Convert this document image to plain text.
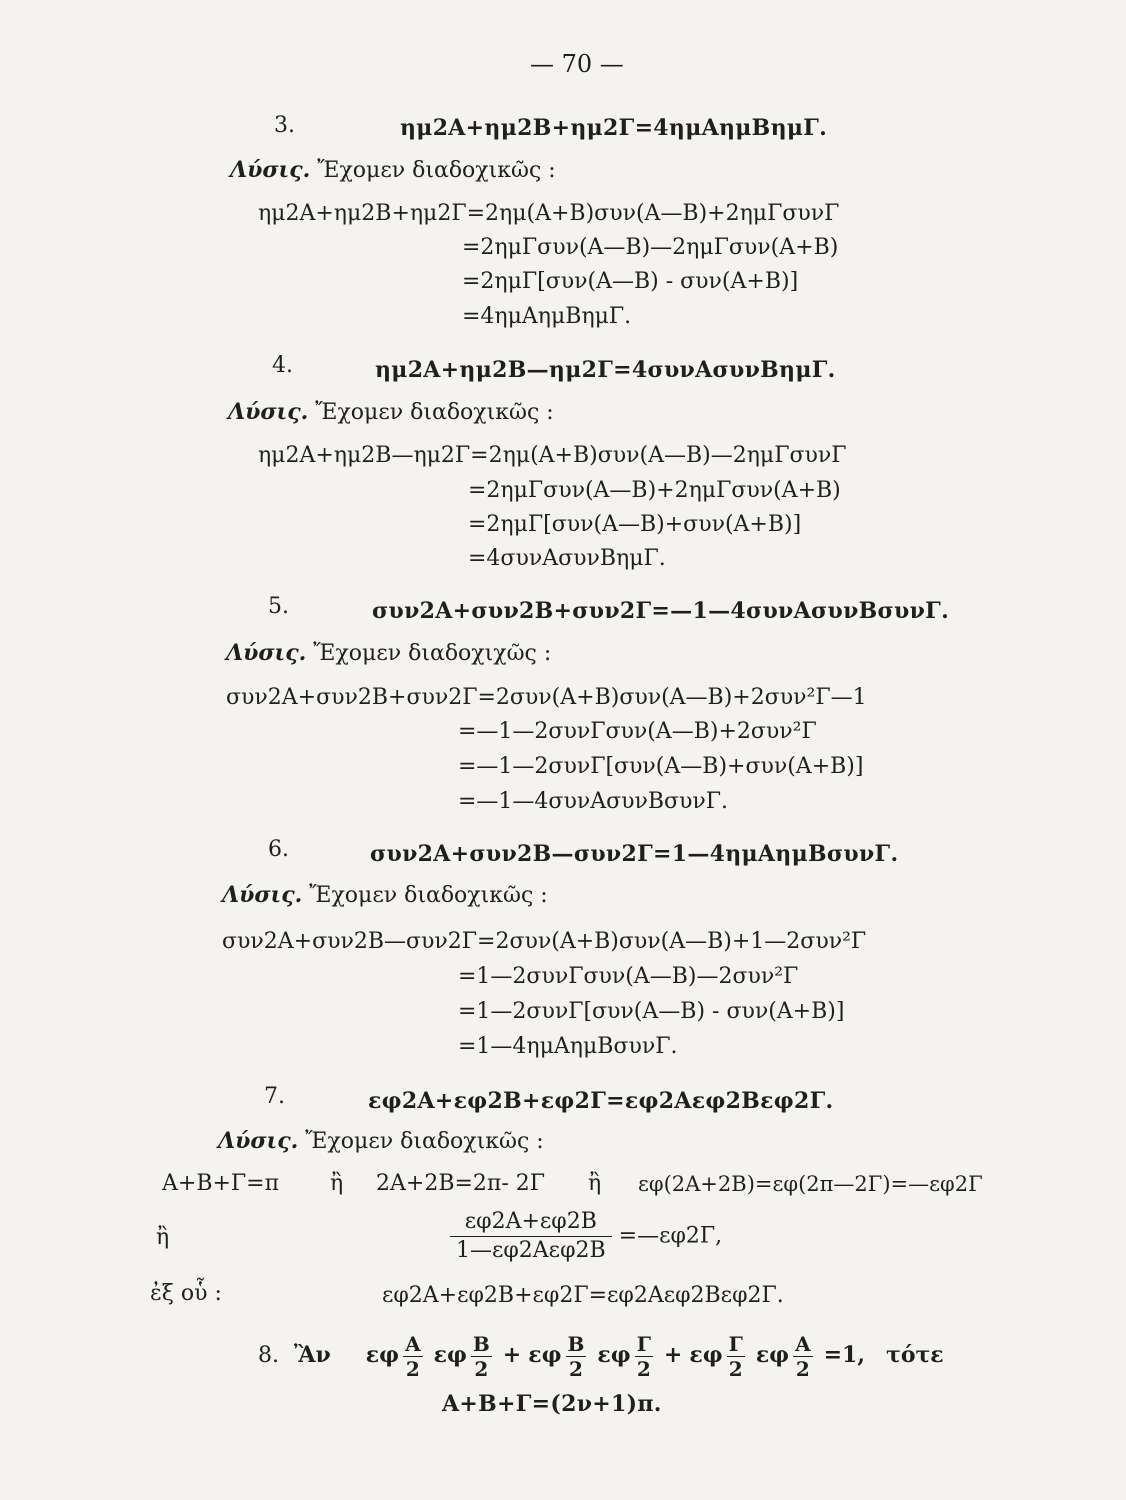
— 70 —
3.	ημ2Α+ημ2Β+ημ2Γ=4ημΑημΒημΓ.
Λύσις. Ἔχομεν διαδοχικῶς :
ημ2Α+ημ2Β+ημ2Γ=2ημ(Α+Β)συν(Α—Β)+2ημΓσυνΓ
=2ημΓσυν(Α—Β)—2ημΓσυν(Α+Β)
=2ημΓ[συν(Α—Β) - συν(Α+Β)]
=4ημΑημΒημΓ.
4.	ημ2Α+ημ2Β—ημ2Γ=4συνΑσυνΒημΓ.
Λύσις. Ἔχομεν διαδοχικῶς :
ημ2Α+ημ2Β—ημ2Γ=2ημ(Α+Β)συν(Α—Β)—2ημΓσυνΓ
=2ημΓσυν(Α—Β)+2ημΓσυν(Α+Β)
=2ημΓ[συν(Α—Β)+συν(Α+Β)]
=4συνΑσυνΒημΓ.
5.	συν2Α+συν2Β+συν2Γ=—1—4συνΑσυνΒσυνΓ.
Λύσις. Ἔχομεν διαδοχιχῶς :
συν2Α+συν2Β+συν2Γ=2συν(Α+Β)συν(Α—Β)+2συν²Γ—1
=—1—2συνΓσυν(Α—Β)+2συν²Γ
=—1—2συνΓ[συν(Α—Β)+συν(Α+Β)]
=—1—4συνΑσυνΒσυνΓ.
6.	συν2Α+συν2Β—συν2Γ=1—4ημΑημΒσυνΓ.
Λύσις. Ἔχομεν διαδοχικῶς :
συν2Α+συν2Β—συν2Γ=2συν(Α+Β)συν(Α—Β)+1—2συν²Γ
=1—2συνΓσυν(Α—Β)—2συν²Γ
=1—2συνΓ[συν(Α—Β) - συν(Α+Β)]
=1—4ημΑημΒσυνΓ.
7.	εφ2Α+εφ2Β+εφ2Γ=εφ2Αεφ2Βεφ2Γ.
Λύσις. Ἔχομεν διαδοχικῶς :
Α+Β+Γ=π ἢ 2Α+2Β=2π- 2Γ ἢ εφ(2Α+2Β)=εφ(2π—2Γ)=—εφ2Γ
ἢ	$\frac{\varepsilon\varphi 2A+\varepsilon\varphi 2B}{\text{1—εφ2Αεφ2Β}}$ =—εφ2Γ,
ἐξ οὗ :	εφ2Α+εφ2Β+εφ2Γ=εφ2Αεφ2Βεφ2Γ.
8. Ἂν εφ $\frac{A}{2}$ εφ $\frac{B}{2} + \varepsilon\varphi \frac{B}{2}$ εφ $\frac{\Gamma}{2} + \varepsilon\varphi \frac{\Gamma}{2}$ εφ $\frac{A}{2} =1$, τότε
Α+Β+Γ=(2ν+1)π.
